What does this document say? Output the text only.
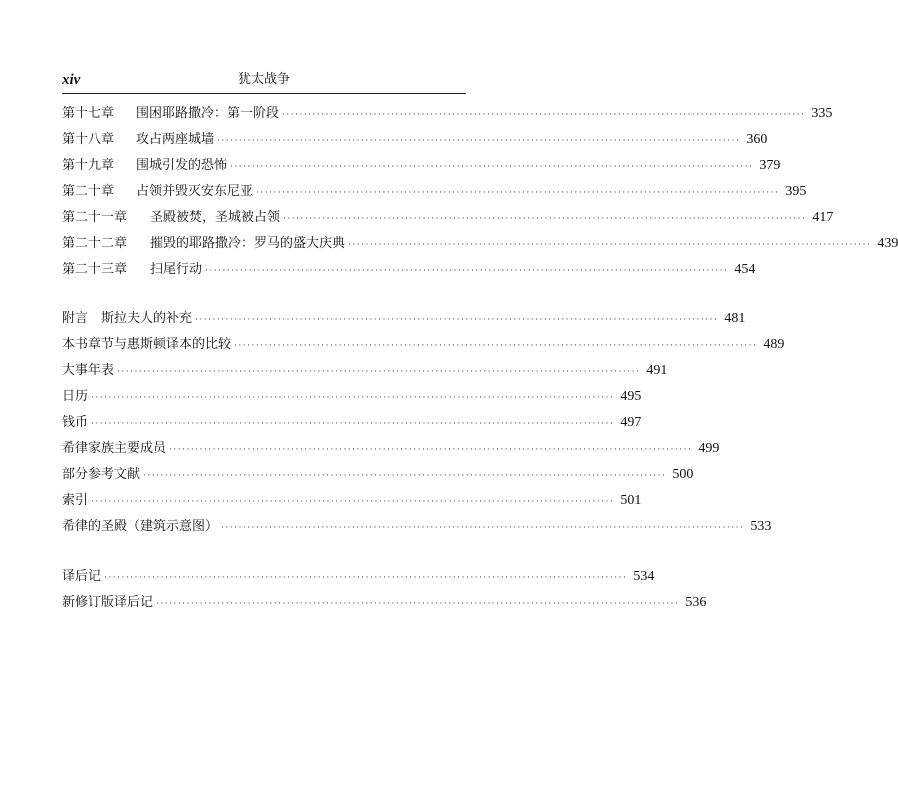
xiv	犹太战争
第十七章 围困耶路撒冷：第一阶段 ························································································································ 335
第十八章 攻占两座城墙 ························································································································ 360
第十九章 围城引发的恐怖 ························································································································ 379
第二十章 占领并毁灭安东尼亚 ························································································································ 395
第二十一章 圣殿被焚，圣城被占领 ························································································································ 417
第二十二章 摧毁的耶路撒冷：罗马的盛大庆典 ························································································································ 439
第二十三章 扫尾行动 ························································································································ 454
附言　斯拉夫人的补充 ························································································································ 481
本书章节与惠斯顿译本的比较 ························································································································ 489
大事年表 ························································································································ 491
日历 ························································································································ 495
钱币 ························································································································ 497
希律家族主要成员 ························································································································ 499
部分参考文献 ························································································································ 500
索引 ························································································································ 501
希律的圣殿（建筑示意图） ························································································································ 533
译后记 ························································································································ 534
新修订版译后记 ························································································································ 536
